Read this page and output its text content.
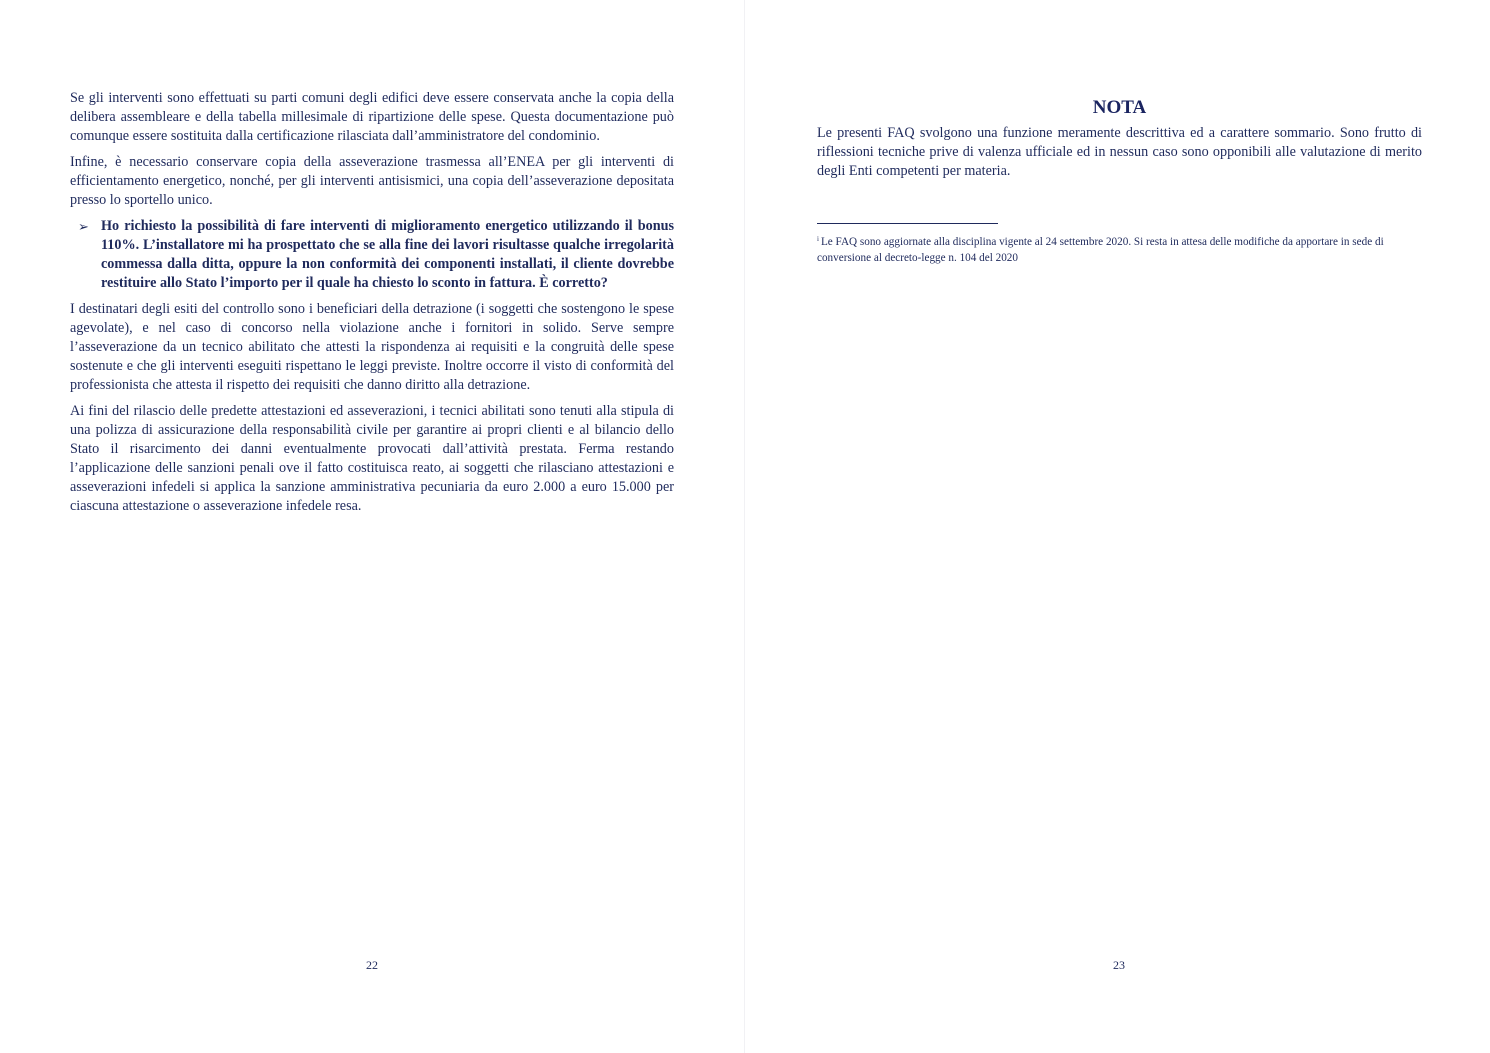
Se gli interventi sono effettuati su parti comuni degli edifici deve essere conservata anche la copia della delibera assembleare e della tabella millesimale di ripartizione delle spese. Questa documentazione può comunque essere sostituita dalla certificazione rilasciata dall’amministratore del condominio.

Infine, è necessario conservare copia della asseverazione trasmessa all’ENEA per gli interventi di efficientamento energetico, nonché, per gli interventi antisismici, una copia dell’asseverazione depositata presso lo sportello unico.

➢ Ho richiesto la possibilità di fare interventi di miglioramento energetico utilizzando il bonus 110%. L’installatore mi ha prospettato che se alla fine dei lavori risultasse qualche irregolarità commessa dalla ditta, oppure la non conformità dei componenti installati, il cliente dovrebbe restituire allo Stato l’importo per il quale ha chiesto lo sconto in fattura. È corretto?

I destinatari degli esiti del controllo sono i beneficiari della detrazione (i soggetti che sostengono le spese agevolate), e nel caso di concorso nella violazione anche i fornitori in solido. Serve sempre l’asseverazione da un tecnico abilitato che attesti la rispondenza ai requisiti e la congruità delle spese sostenute e che gli interventi eseguiti rispettano le leggi previste. Inoltre occorre il visto di conformità del professionista che attesta il rispetto dei requisiti che danno diritto alla detrazione.

Ai fini del rilascio delle predette attestazioni ed asseverazioni, i tecnici abilitati sono tenuti alla stipula di una polizza di assicurazione della responsabilità civile per garantire ai propri clienti e al bilancio dello Stato il risarcimento dei danni eventualmente provocati dall’attività prestata. Ferma restando l’applicazione delle sanzioni penali ove il fatto costituisca reato, ai soggetti che rilasciano attestazioni e asseverazioni infedeli si applica la sanzione amministrativa pecuniaria da euro 2.000 a euro 15.000 per ciascuna attestazione o asseverazione infedele resa.

22
NOTA

Le presenti FAQ svolgono una funzione meramente descrittiva ed a carattere sommario. Sono frutto di riflessioni tecniche prive di valenza ufficiale ed in nessun caso sono opponibili alle valutazione di merito degli Enti competenti per materia.

$^i$ Le FAQ sono aggiornate alla disciplina vigente al 24 settembre 2020. Si resta in attesa delle modifiche da apportare in sede di conversione al decreto-legge n. 104 del 2020

23
